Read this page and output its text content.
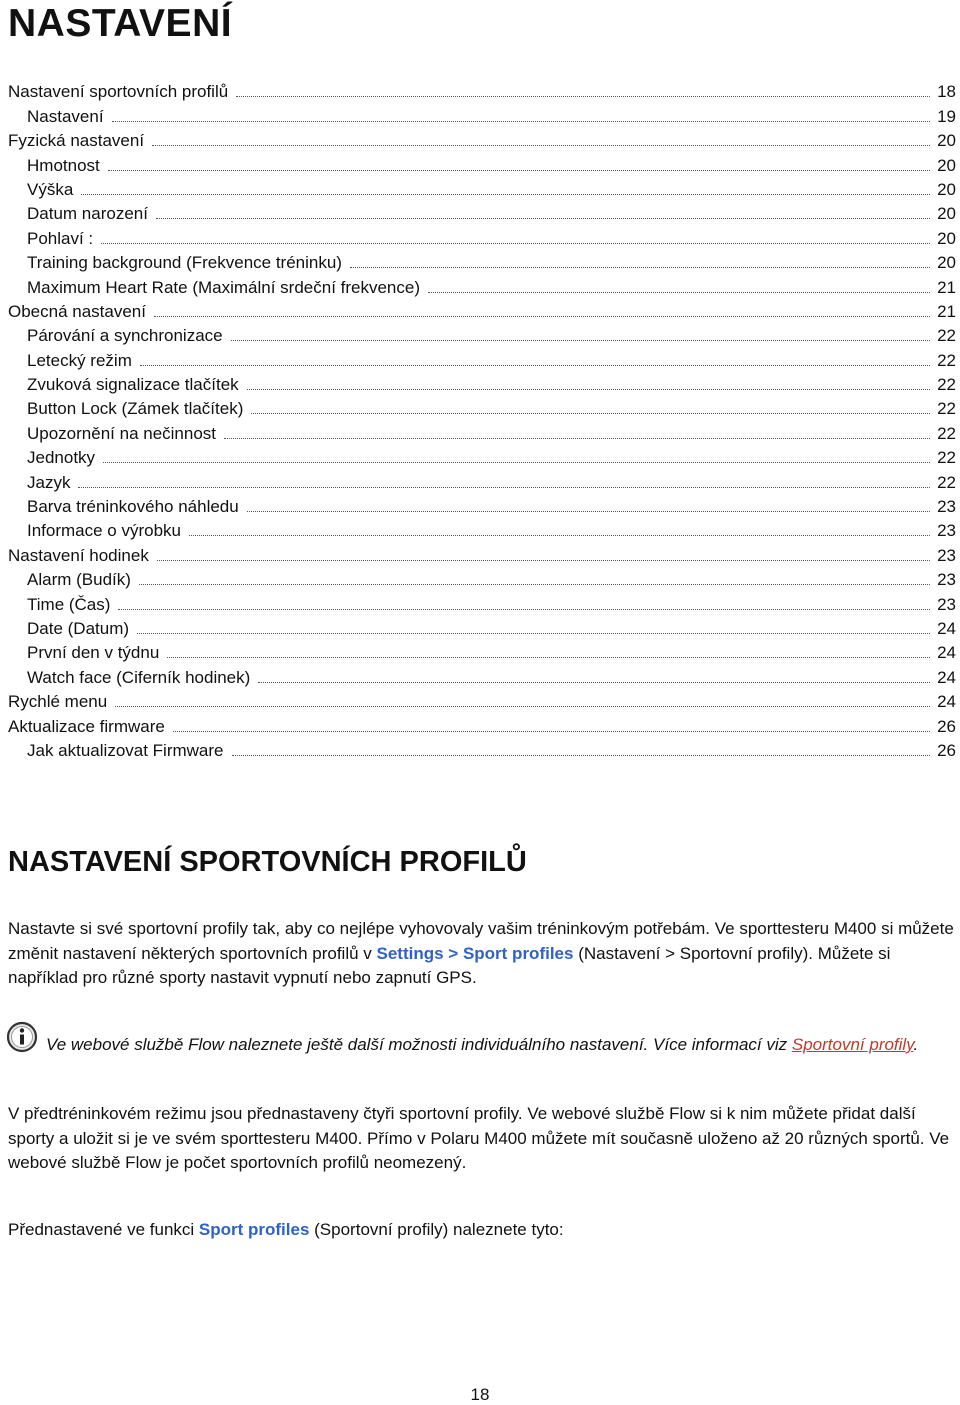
NASTAVENÍ
Nastavení sportovních profilů	18
Nastavení	19
Fyzická nastavení	20
Hmotnost	20
Výška	20
Datum narození	20
Pohlaví :	20
Training background (Frekvence tréninku)	20
Maximum Heart Rate (Maximální srdeční frekvence)	21
Obecná nastavení	21
Párování a synchronizace	22
Letecký režim	22
Zvuková signalizace tlačítek	22
Button Lock (Zámek tlačítek)	22
Upozornění na nečinnost	22
Jednotky	22
Jazyk	22
Barva tréninkového náhledu	23
Informace o výrobku	23
Nastavení hodinek	23
Alarm (Budík)	23
Time (Čas)	23
Date (Datum)	24
První den v týdnu	24
Watch face (Ciferník hodinek)	24
Rychlé menu	24
Aktualizace firmware	26
Jak aktualizovat Firmware	26
NASTAVENÍ SPORTOVNÍCH PROFILŮ

Nastavte si své sportovní profily tak, aby co nejlépe vyhovovaly vašim tréninkovým potřebám. Ve sporttesteru M400 si můžete změnit nastavení některých sportovních profilů v Settings > Sport profiles (Nastavení > Sportovní profily). Můžete si například pro různé sporty nastavit vypnutí nebo zapnutí GPS.

Ve webové službě Flow naleznete ještě další možnosti individuálního nastavení. Více informací viz Sportovní profily.

V předtréninkovém režimu jsou přednastaveny čtyři sportovní profily. Ve webové službě Flow si k nim můžete přidat další sporty a uložit si je ve svém sporttesteru M400. Přímo v Polaru M400 můžete mít současně uloženo až 20 různých sportů. Ve webové službě Flow je počet sportovních profilů neomezený.

Přednastavené ve funkci Sport profiles (Sportovní profily) naleznete tyto:

18
